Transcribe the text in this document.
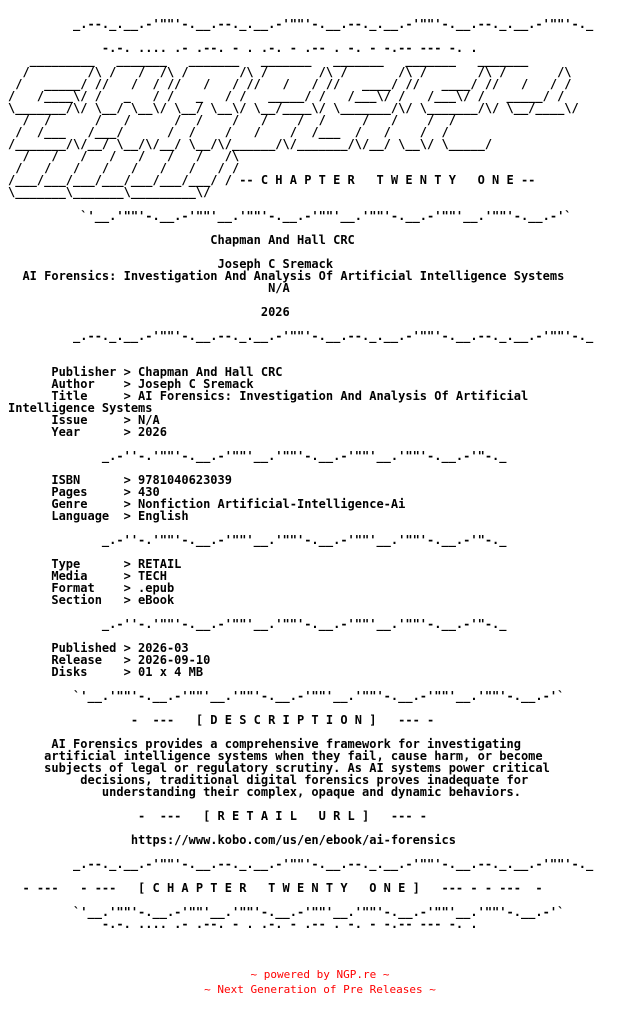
_.--._.__.-'""'-.__.--._.__.-'""'-.__.--._.__.-'""'-.__.--._.__.-'""'-._
-.-. .... .- .--. - . .-. - .-- . -. - -.-- --- -. .
_________   _______   _______   _______   _______   _______   _______
/        /\ /   /  /\ /       /\ /       /\ /       /\ /       /\ /       /\
/   _____/ //   /  / //   /   / //   /   / //   ____/ //   ____/ //   /   / /
/   /____\/ /   _   / /   _   / /   _____/ /   /___\/ /   /___\/ /   _____/ /
\_______/\/ \__/ \__\/ \__/ \__\/ \__/____\/ \_______/\/ \_______/\/ \__/____\/
/  /      /   /      /  /    /   /    /  /     /   /    /  /
/  /___   /___/      /  /    /   /    /  /___  /   /    /  /
/_______/\/__/ \__/\/__/ \__/\/______/\/_______/\/__/ \__\/ \_____/
/   /   /   /   /   /   /   /\
/   /   /   /   /   /   /   / /
/___/___/___/___/___/___/___/ / -- C H A P T E R   T W E N T Y   O N E --
\_______\_______\_________\/
`'__.'""'-.__.-'""'__.'""'-.__.-'""'__.'""'-.__.-'""'__.'""'-.__.-'`
Chapman And Hall CRC
Joseph C Sremack
AI Forensics: Investigation And Analysis Of Artificial Intelligence Systems
N/A
2026
_.--._.__.-'""'-.__.--._.__.-'""'-.__.--._.__.-'""'-.__.--._.__.-'""'-._
Publisher > Chapman And Hall CRC
Author    > Joseph C Sremack
Title     > AI Forensics: Investigation And Analysis Of Artificial
Intelligence Systems
Issue     > N/A
Year      > 2026
_.-''-.'""'-.__.-'""'__.'""'-.__.-'""'__.'""'-.__.-'"-._
ISBN      > 9781040623039
Pages     > 430
Genre     > Nonfiction Artificial-Intelligence-Ai
Language  > English
_.-''-.'""'-.__.-'""'__.'""'-.__.-'""'__.'""'-.__.-'"-._
Type      > RETAIL
Media     > TECH
Format    > .epub
Section   > eBook
_.-''-.'""'-.__.-'""'__.'""'-.__.-'""'__.'""'-.__.-'"-._
Published > 2026-03
Release   > 2026-09-10
Disks     > 01 x 4 MB
`'__.'""'-.__.-'""'__.'""'-.__.-'""'__.'""'-.__.-'""'__.'""'-.__.-'`
-  ---   [ D E S C R I P T I O N ]   --- -
AI Forensics provides a comprehensive framework for investigating
artificial intelligence systems when they fail, cause harm, or become
subjects of legal or regulatory scrutiny. As AI systems power critical
decisions, traditional digital forensics proves inadequate for
understanding their complex, opaque and dynamic behaviors.
-  ---   [ R E T A I L   U R L ]   --- -
https://www.kobo.com/us/en/ebook/ai-forensics
_.--._.__.-'""'-.__.--._.__.-'""'-.__.--._.__.-'""'-.__.--._.__.-'""'-._
- ---   - ---   [ C H A P T E R   T W E N T Y   O N E ]   --- - - ---  -
`'__.'""'-.__.-'""'__.'""'-.__.-'""'__.'""'-.__.-'""'__.'""'-.__.-'`
-.-. .... .- .--. - . .-. - .-- . -. - -.-- --- -. .
~ powered by NGP.re ~
~ Next Generation of Pre Releases ~
